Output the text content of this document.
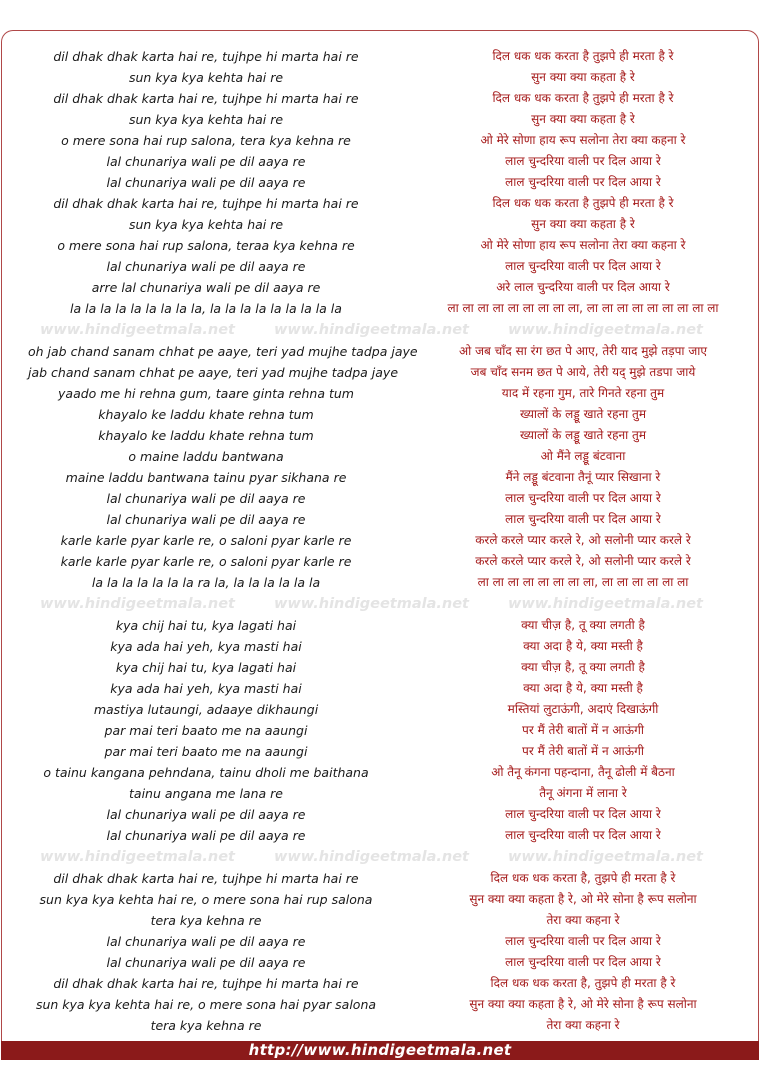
dil dhak dhak karta hai re, tujhpe hi marta hai re	दिल धक धक करता है तुझपे ही मरता है रे
sun kya kya kehta hai re	सुन क्या क्या कहता है रे
dil dhak dhak karta hai re, tujhpe hi marta hai re	दिल धक धक करता है तुझपे ही मरता है रे
sun kya kya kehta hai re	सुन क्या क्या कहता है रे
o mere sona hai rup salona, tera kya kehna re	ओ मेरे सोणा हाय रूप सलोना तेरा क्या कहना रे
lal chunariya wali pe dil aaya re	लाल चुन्दरिया वाली पर दिल आया रे
lal chunariya wali pe dil aaya re	लाल चुन्दरिया वाली पर दिल आया रे
dil dhak dhak karta hai re, tujhpe hi marta hai re	दिल धक धक करता है तुझपे ही मरता है रे
sun kya kya kehta hai re	सुन क्या क्या कहता है रे
o mere sona hai rup salona, teraa kya kehna re	ओ मेरे सोणा हाय रूप सलोना तेरा क्या कहना रे
lal chunariya wali pe dil aaya re	लाल चुन्दरिया वाली पर दिल आया रे
arre lal chunariya wali pe dil aaya re	अरे लाल चुन्दरिया वाली पर दिल आया रे
la la la la la la la la la, la la la la la la la la la	ला ला ला ला ला ला ला ला ला, ला ला ला ला ला ला ला ला ला
www.hindigeetmala.net	www.hindigeetmala.net	www.hindigeetmala.net
oh jab chand sanam chhat pe aaye, teri yad mujhe tadpa jaye	ओ जब चाँद सा रंग छत पे आए, तेरी याद मुझे तड़पा जाए
jab chand sanam chhat pe aaye, teri yad mujhe tadpa jaye	जब चाँद सनम छत पे आये, तेरी यद् मुझे तडपा जाये
yaado me hi rehna gum, taare ginta rehna tum	याद में रहना गुम, तारे गिनते रहना तुम
khayalo ke laddu khate rehna tum	ख्यालों के लड्डू खाते रहना तुम
khayalo ke laddu khate rehna tum	ख्यालों के लड्डू खाते रहना तुम
o maine laddu bantwana	ओ मैंने लड्डू बंटवाना
maine laddu bantwana tainu pyar sikhana re	मैंने लड्डू बंटवाना तैनूं प्यार सिखाना रे
lal chunariya wali pe dil aaya re	लाल चुन्दरिया वाली पर दिल आया रे
lal chunariya wali pe dil aaya re	लाल चुन्दरिया वाली पर दिल आया रे
karle karle pyar karle re, o saloni pyar karle re	करले करले प्यार करले रे, ओ सलोनी प्यार करले रे
karle karle pyar karle re, o saloni pyar karle re	करले करले प्यार करले रे, ओ सलोनी प्यार करले रे
la la la la la la la ra la, la la la la la la	ला ला ला ला ला ला ला ला, ला ला ला ला ला ला
www.hindigeetmala.net	www.hindigeetmala.net	www.hindigeetmala.net
kya chij hai tu, kya lagati hai	क्या चीज़ है, तू क्या लगती है
kya ada hai yeh, kya masti hai	क्या अदा है ये, क्या मस्ती है
kya chij hai tu, kya lagati hai	क्या चीज़ है, तू क्या लगती है
kya ada hai yeh, kya masti hai	क्या अदा है ये, क्या मस्ती है
mastiya lutaungi, adaaye dikhaungi	मस्तियां लुटाऊंगी, अदाएं दिखाऊंगी
par mai teri baato me na aaungi	पर मैं तेरी बातों में न आऊंगी
par mai teri baato me na aaungi	पर मैं तेरी बातों में न आऊंगी
o tainu kangana pehndana, tainu dholi me baithana	ओ तैनू कंगना पहन्दाना, तैनू ढोली में बैठना
tainu angana me lana re	तैनू अंगना में लाना रे
lal chunariya wali pe dil aaya re	लाल चुन्दरिया वाली पर दिल आया रे
lal chunariya wali pe dil aaya re	लाल चुन्दरिया वाली पर दिल आया रे
www.hindigeetmala.net	www.hindigeetmala.net	www.hindigeetmala.net
dil dhak dhak karta hai re, tujhpe hi marta hai re	दिल धक धक करता है, तुझपे ही मरता है रे
sun kya kya kehta hai re, o mere sona hai rup salona	सुन क्या क्या कहता है रे, ओ मेरे सोना है रूप सलोना
tera kya kehna re	तेरा क्या कहना रे
lal chunariya wali pe dil aaya re	लाल चुन्दरिया वाली पर दिल आया रे
lal chunariya wali pe dil aaya re	लाल चुन्दरिया वाली पर दिल आया रे
dil dhak dhak karta hai re, tujhpe hi marta hai re	दिल धक धक करता है, तुझपे ही मरता है रे
sun kya kya kehta hai re, o mere sona hai pyar salona	सुन क्या क्या कहता है रे, ओ मेरे सोना है रूप सलोना
tera kya kehna re	तेरा क्या कहना रे
http://www.hindigeetmala.net
